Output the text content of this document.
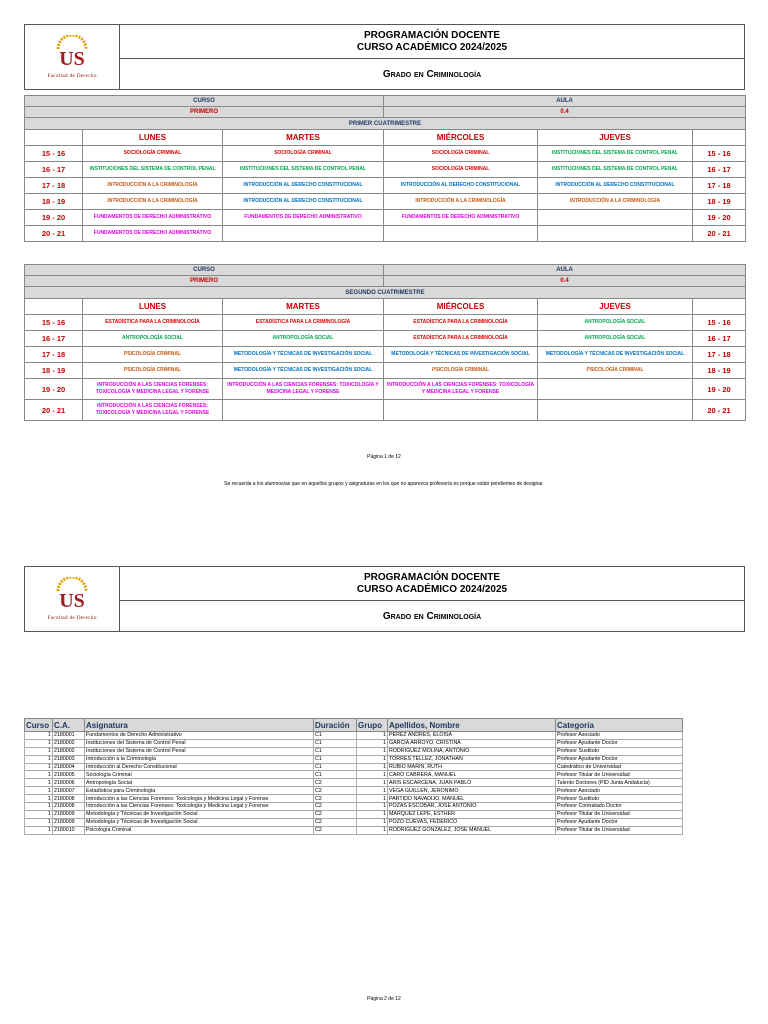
US
Facultad de Derecho
PROGRAMACIÓN DOCENTE
CURSO ACADÉMICO 2024/2025
Grado en Criminología
CURSO			AULA		
PRIMERO			0.4		
PRIMER CUATRIMESTRE					
	LUNES	MARTES	MIÉRCOLES	JUEVES	
15 - 16	SOCIOLOGÍA CRIMINAL	SOCIOLOGÍA CRIMINAL	SOCIOLOGÍA CRIMINAL	INSTITUCIONES DEL SISTEMA DE CONTROL PENAL	15 - 16
16 - 17	INSTITUCIONES DEL SISTEMA DE CONTROL PENAL	INSTITUCIONES DEL SISTEMA DE CONTROL PENAL	SOCIOLOGÍA CRIMINAL	INSTITUCIONES DEL SISTEMA DE CONTROL PENAL	16 - 17
17 - 18	INTRODUCCIÓN A LA CRIMINOLOGÍA	INTRODUCCIÓN AL DERECHO CONSTITUCIONAL	INTRODUCCIÓN AL DERECHO CONSTITUCIONAL	INTRODUCCIÓN AL DERECHO CONSTITUCIONAL	17 - 18
18 - 19	INTRODUCCIÓN A LA CRIMINOLOGÍA	INTRODUCCIÓN AL DERECHO CONSTITUCIONAL	INTRODUCCIÓN A LA CRIMINOLOGÍA	INTRODUCCIÓN A LA CRIMINOLOGÍA	18 - 19
19 - 20	FUNDAMENTOS DE DERECHO ADMINISTRATIVO	FUNDAMENTOS DE DERECHO ADMINISTRATIVO	FUNDAMENTOS DE DERECHO ADMINISTRATIVO		19 - 20
20 - 21	FUNDAMENTOS DE DERECHO ADMINISTRATIVO				20 - 21
CURSO			AULA		
PRIMERO			0.4		
SEGUNDO CUATRIMESTRE					
	LUNES	MARTES	MIÉRCOLES	JUEVES	
15 - 16	ESTADÍSTICA PARA LA CRIMINOLOGÍA	ESTADÍSTICA PARA LA CRIMINOLOGÍA	ESTADÍSTICA PARA LA CRIMINOLOGÍA	ANTROPOLOGÍA SOCIAL	15 - 16
16 - 17	ANTROPOLOGÍA SOCIAL	ANTROPOLOGÍA SOCIAL	ESTADÍSTICA PARA LA CRIMINOLOGÍA	ANTROPOLOGÍA SOCIAL	16 - 17
17 - 18	PSICOLOGÍA CRIMINAL	METODOLOGÍA Y TÉCNICAS DE INVESTIGACIÓN SOCIAL	METODOLOGÍA Y TÉCNICAS DE INVESTIGACIÓN SOCIAL	METODOLOGÍA Y TÉCNICAS DE INVESTIGACIÓN SOCIAL	17 - 18
18 - 19	PSICOLOGÍA CRIMINAL	METODOLOGÍA Y TÉCNICAS DE INVESTIGACIÓN SOCIAL	PSICOLOGÍA CRIMINAL	PSICOLOGÍA CRIMINAL	18 - 19
19 - 20	INTRODUCCIÓN A LAS CIENCIAS FORENSES: TOXICOLOGÍA Y MEDICINA LEGAL Y FORENSE	INTRODUCCIÓN A LAS CIENCIAS FORENSES: TOXICOLOGÍA Y MEDICINA LEGAL Y FORENSE	INTRODUCCIÓN A LAS CIENCIAS FORENSES: TOXICOLOGÍA Y MEDICINA LEGAL Y FORENSE		19 - 20
20 - 21	INTRODUCCIÓN A LAS CIENCIAS FORENSES: TOXICOLOGÍA Y MEDICINA LEGAL Y FORENSE				20 - 21
Página 1 de 12
Se recuerda a los alumnos/as que en aquellos grupos y asignaturas en los que no aparezca profesor/a es porque están pendientes de designar.
US
Facultad de Derecho
PROGRAMACIÓN DOCENTE
CURSO ACADÉMICO 2024/2025
Grado en Criminología
Curso	C.A.	Asignatura	Duración	Grupo	Apellidos, Nombre	Categoría
1	2180001	Fundamentos de Derecho Administrativo	C1	1	PEREZ ANDRES, ELOISA	Profesor Asociado
1	2180002	Instituciones del Sistema de Control Penal	C1	1	GARCIA ARROYO, CRISTINA	Profesor Ayudante Doctor
1	2180002	Instituciones del Sistema de Control Penal	C1	1	RODRIGUEZ MOLINA, ANTONIO	Profesor Sustituto
1	2180003	Introducción a la Criminología	C1	1	TORRES TELLEZ, JONATHAN	Profesor Ayudante Doctor
1	2180004	Introducción al Derecho Constitucional	C1	1	RUBIO MARIN, RUTH	Catedrático de Universidad
1	2180005	Sociología Criminal	C1	1	CARO CABRERA, MANUEL	Profesor Titular de Universidad
1	2180006	Antropología Social	C2	1	ARIS ESCARCENA, JUAN PABLO	Talento Doctores (PID Junta Andalucía)
1	2180007	Estadística para Criminología	C2	1	VEGA GUILLEN, JERONIMO	Profesor Asociado
1	2180008	Introducción a las Ciencias Forenses: Toxicología y Medicina Legal y Forense	C2	1	PARTIDO NAVADIJO, MANUEL	Profesor Sustituto
1	2180008	Introducción a las Ciencias Forenses: Toxicología y Medicina Legal y Forense	C2	1	POZAS ESCOBAR, JOSE ANTONIO	Profesor Contratado Doctor
1	2180009	Metodología y Técnicas de Investigación Social	C2	1	MARQUEZ LEPE, ESTHER	Profesor Titular de Universidad
1	2180009	Metodología y Técnicas de Investigación Social	C2	1	POZO CUEVAS, FEDERICO	Profesor Ayudante Doctor
1	2180010	Psicología Criminal	C2	1	RODRIGUEZ GONZALEZ, JOSE MANUEL	Profesor Titular de Universidad
Página 2 de 12
